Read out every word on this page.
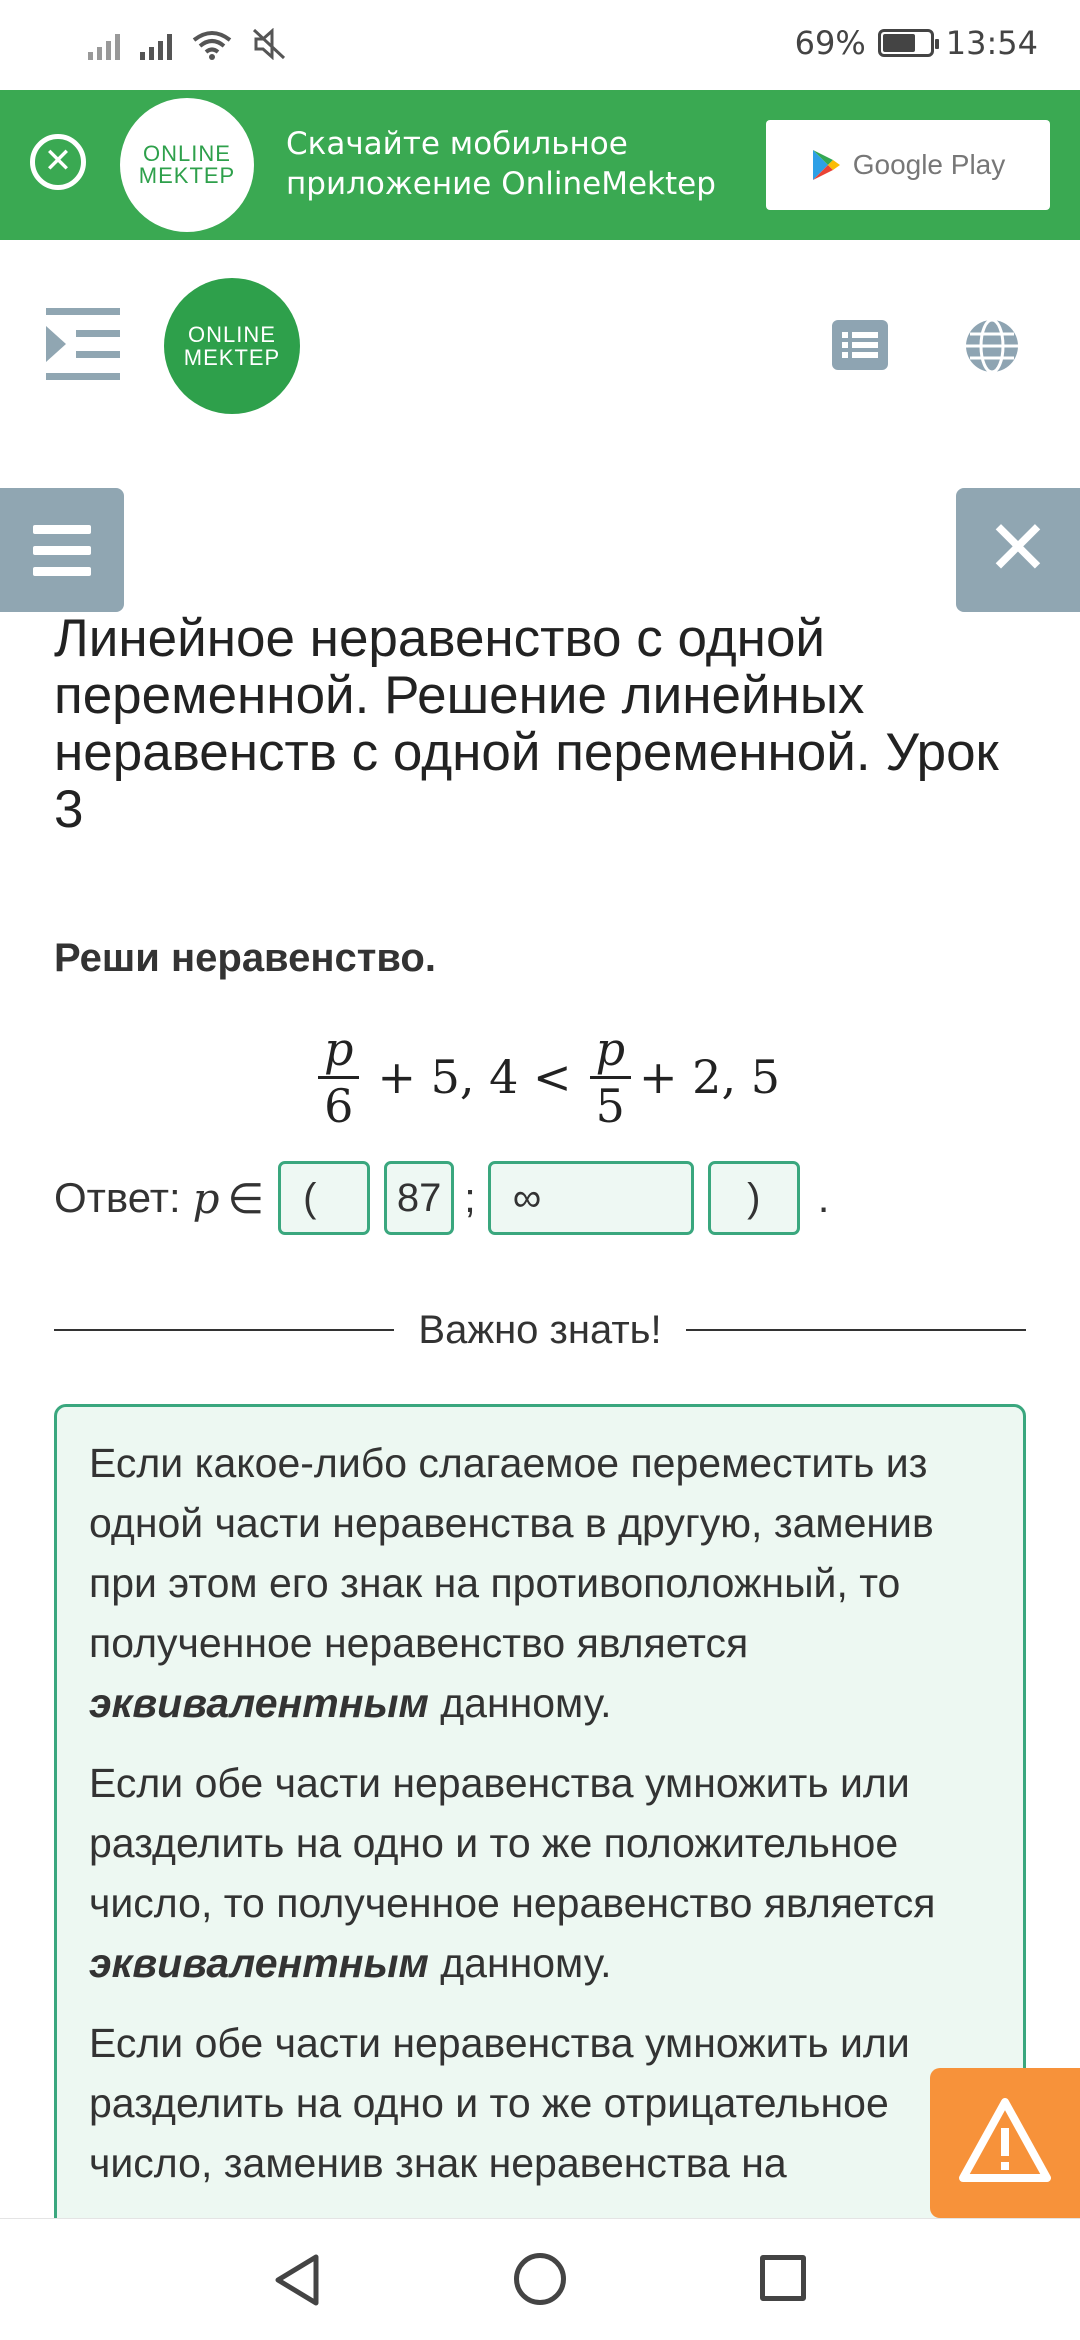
69%	13:54
✕	ONLINE
MEKTEP
Скачайте мобильное приложение OnlineMektep
Google Play
ONLINE
MEKTEP
✕
Линейное неравенство с одной переменной. Решение линейных неравенств с одной переменной. Урок 3
Реши неравенство.
$\frac{p}{6} + 5$, $4 < \frac{p}{5} + 2$, 5
Ответ: p ∈ (	87 ; ∞	)	.
Важно знать!

Если какое-либо слагаемое переместить из одной части неравенства в другую, заменив при этом его знак на противоположный, то полученное неравенство является эквивалентным данному.

Если обе части неравенства умножить или разделить на одно и то же положительное число, то полученное неравенство является эквивалентным данному.

Если обе части неравенства умножить или разделить на одно и то же отрицательное число, заменив знак неравенства на
